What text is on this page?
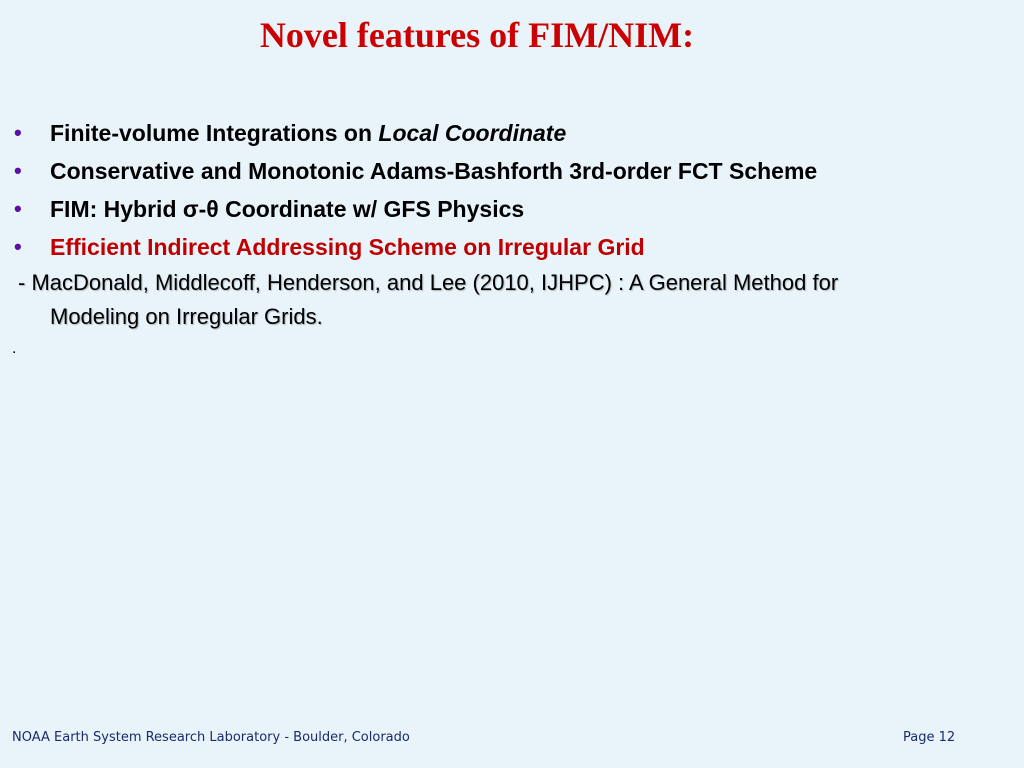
Novel features of FIM/NIM:
•	Finite-volume Integrations on Local Coordinate
•	Conservative and Monotonic Adams-Bashforth 3rd-order FCT Scheme
•	FIM: Hybrid σ-θ Coordinate w/ GFS Physics
•	Efficient Indirect Addressing Scheme on Irregular Grid
- MacDonald, Middlecoff, Henderson, and Lee (2010, IJHPC) : A General Method for
Modeling on Irregular Grids.
.
NOAA Earth System Research Laboratory - Boulder, Colorado	Page 12
